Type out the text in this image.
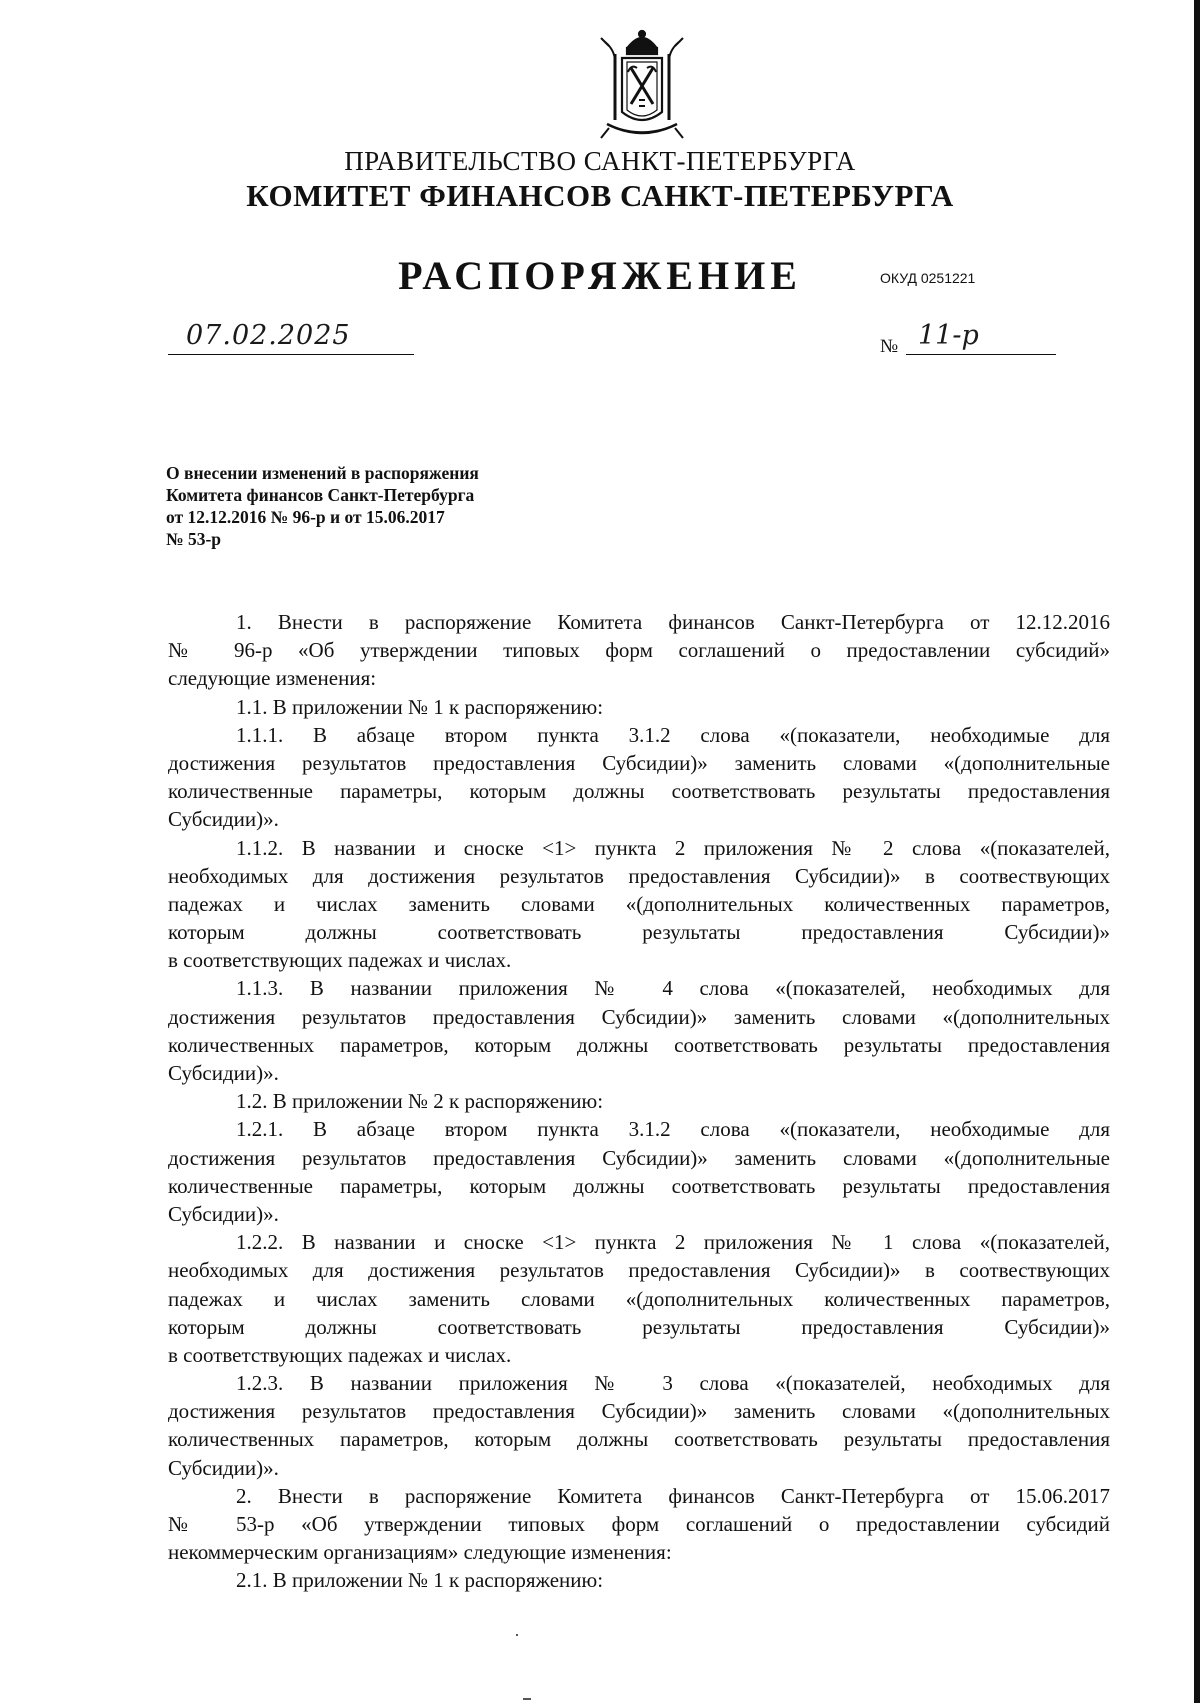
ПРАВИТЕЛЬСТВО САНКТ-ПЕТЕРБУРГА
КОМИТЕТ ФИНАНСОВ САНКТ-ПЕТЕРБУРГА
РАСПОРЯЖЕНИЕ	ОКУД 0251221
07.02.2025	№ 11-р
О внесении изменений в распоряжения
Комитета финансов Санкт-Петербурга
от 12.12.2016 № 96-р и от 15.06.2017
№ 53-р
1. Внести в распоряжение Комитета финансов Санкт-Петербурга от 12.12.2016
№ 96-р «Об утверждении типовых форм соглашений о предоставлении субсидий»
следующие изменения:
1.1. В приложении № 1 к распоряжению:
1.1.1. В абзаце втором пункта 3.1.2 слова «(показатели, необходимые для
достижения результатов предоставления Субсидии)» заменить словами «(дополнительные
количественные параметры, которым должны соответствовать результаты предоставления
Субсидии)».
1.1.2. В названии и сноске <1> пункта 2 приложения № 2 слова «(показателей,
необходимых для достижения результатов предоставления Субсидии)» в соотвествующих
падежах и числах заменить словами «(дополнительных количественных параметров,
которым должны соответствовать результаты предоставления Субсидии)»
в соответствующих падежах и числах.
1.1.3. В названии приложения № 4 слова «(показателей, необходимых для
достижения результатов предоставления Субсидии)» заменить словами «(дополнительных
количественных параметров, которым должны соответствовать результаты предоставления
Субсидии)».
1.2. В приложении № 2 к распоряжению:
1.2.1. В абзаце втором пункта 3.1.2 слова «(показатели, необходимые для
достижения результатов предоставления Субсидии)» заменить словами «(дополнительные
количественные параметры, которым должны соответствовать результаты предоставления
Субсидии)».
1.2.2. В названии и сноске <1> пункта 2 приложения № 1 слова «(показателей,
необходимых для достижения результатов предоставления Субсидии)» в соотвествующих
падежах и числах заменить словами «(дополнительных количественных параметров,
которым должны соответствовать результаты предоставления Субсидии)»
в соответствующих падежах и числах.
1.2.3. В названии приложения № 3 слова «(показателей, необходимых для
достижения результатов предоставления Субсидии)» заменить словами «(дополнительных
количественных параметров, которым должны соответствовать результаты предоставления
Субсидии)».
2. Внести в распоряжение Комитета финансов Санкт-Петербурга от 15.06.2017
№ 53-р «Об утверждении типовых форм соглашений о предоставлении субсидий
некоммерческим организациям» следующие изменения:
2.1. В приложении № 1 к распоряжению:
